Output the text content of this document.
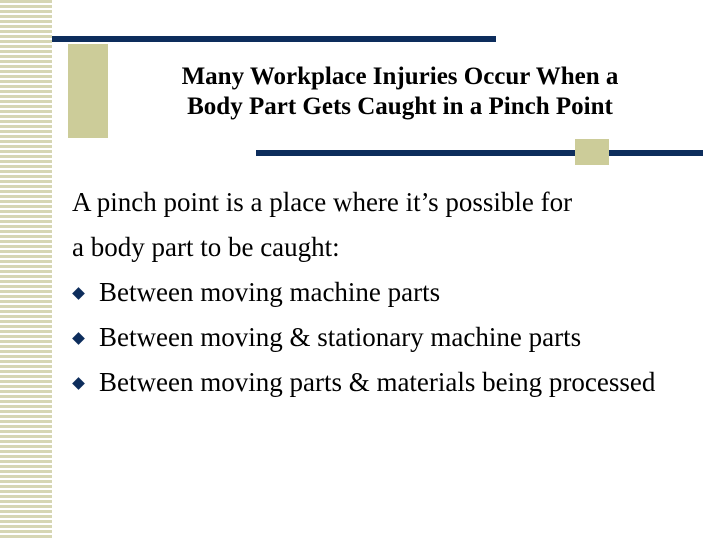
Many Workplace Injuries Occur When a
Body Part Gets Caught in a Pinch Point

A pinch point is a place where it’s possible for
a body part to be caught:

Between moving machine parts
Between moving & stationary machine parts
Between moving parts & materials being processed
